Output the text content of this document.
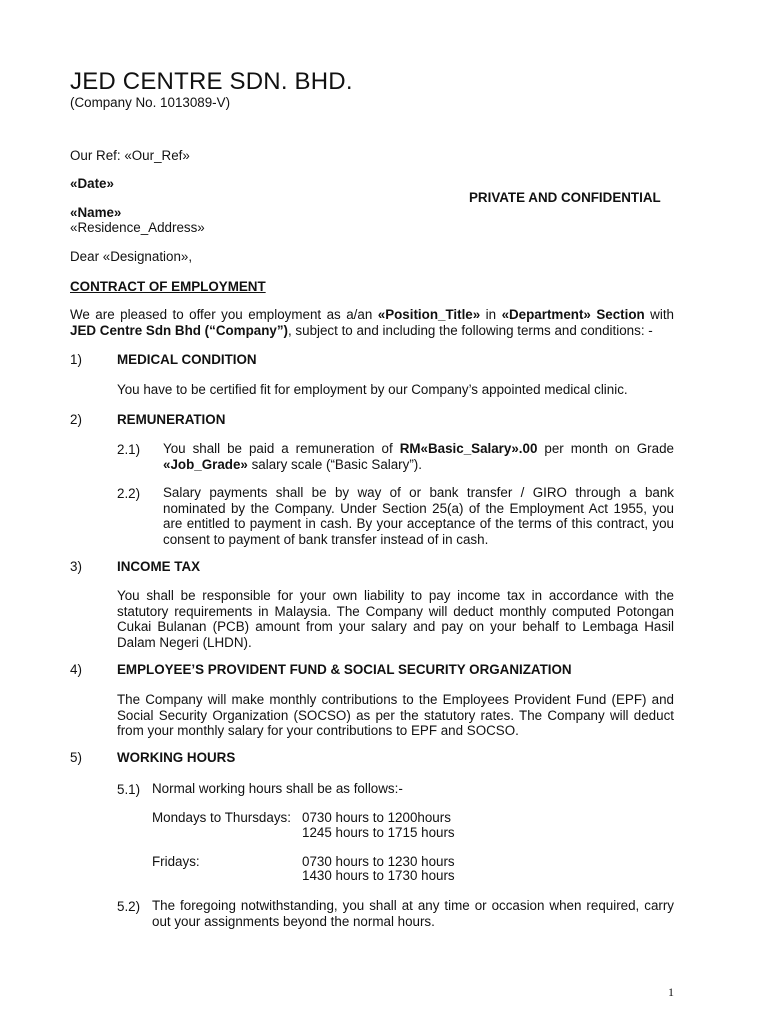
JED CENTRE SDN. BHD.
(Company No. 1013089-V)
Our Ref: «Our_Ref»
«Date»
PRIVATE AND CONFIDENTIAL
«Name»
«Residence_Address»
Dear «Designation»,
CONTRACT OF EMPLOYMENT
We are pleased to offer you employment as a/an «Position_Title» in «Department» Section with JED Centre Sdn Bhd (“Company”), subject to and including the following terms and conditions: -
1)	MEDICAL CONDITION
You have to be certified fit for employment by our Company’s appointed medical clinic.
2)	REMUNERATION
2.1) You shall be paid a remuneration of RM«Basic_Salary».00 per month on Grade «Job_Grade» salary scale (“Basic Salary”).
2.2) Salary payments shall be by way of or bank transfer / GIRO through a bank nominated by the Company. Under Section 25(a) of the Employment Act 1955, you are entitled to payment in cash. By your acceptance of the terms of this contract, you consent to payment of bank transfer instead of in cash.
3)	INCOME TAX
You shall be responsible for your own liability to pay income tax in accordance with the statutory requirements in Malaysia. The Company will deduct monthly computed Potongan Cukai Bulanan (PCB) amount from your salary and pay on your behalf to Lembaga Hasil Dalam Negeri (LHDN).
4)	EMPLOYEE’S PROVIDENT FUND & SOCIAL SECURITY ORGANIZATION
The Company will make monthly contributions to the Employees Provident Fund (EPF) and Social Security Organization (SOCSO) as per the statutory rates. The Company will deduct from your monthly salary for your contributions to EPF and SOCSO.
5)	WORKING HOURS
5.1) Normal working hours shall be as follows:-
Mondays to Thursdays: 0730 hours to 1200hours
1245 hours to 1715 hours
Fridays:	0730 hours to 1230 hours
1430 hours to 1730 hours
5.2) The foregoing notwithstanding, you shall at any time or occasion when required, carry out your assignments beyond the normal hours.
1
